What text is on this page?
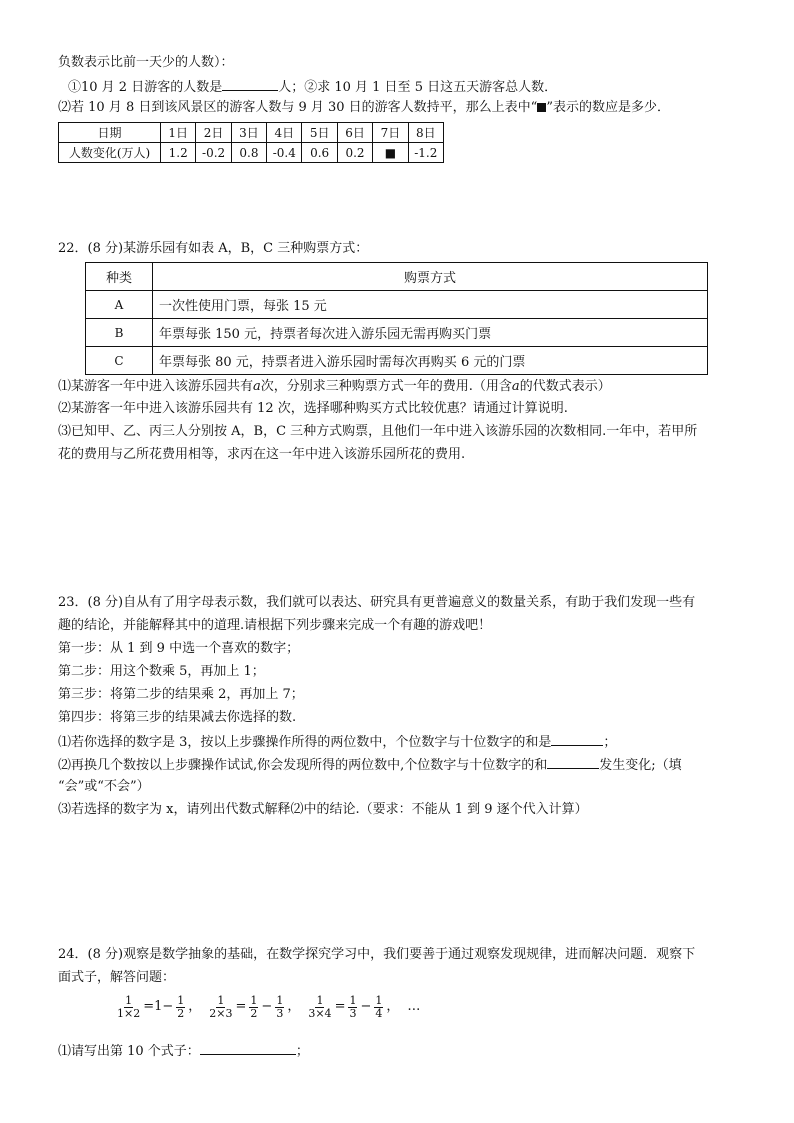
负数表示比前一天少的人数）：
①10 月 2 日游客的人数是	人；②求 10 月 1 日至 5 日这五天游客总人数．
⑵若 10 月 8 日到该风景区的游客人数与 9 月 30 日的游客人数持平，那么上表中“ ”表示的数应是多少．
日期	1日	2日	3日	4日	5日	6日	7日	8日
人数变化(万人)	1.2	-0.2	0.8	-0.4	0.6	0.2	■	-1.2
22．(8 分)某游乐园有如表 A，B，C 三种购票方式：
种类	购票方式
A	一次性使用门票，每张 15 元
B	年票每张 150 元，持票者每次进入游乐园无需再购买门票
C	年票每张 80 元，持票者进入游乐园时需每次再购买 6 元的门票
⑴某游客一年中进入该游乐园共有a次，分别求三种购票方式一年的费用.（用含a的代数式表示）
⑵某游客一年中进入该游乐园共有 12 次，选择哪种购买方式比较优惠？请通过计算说明.
⑶已知甲、乙、丙三人分别按 A，B，C 三种方式购票，且他们一年中进入该游乐园的次数相同.一年中，若甲所
花的费用与乙所花费用相等，求丙在这一年中进入该游乐园所花的费用.
23．(8 分)自从有了用字母表示数，我们就可以表达、研究具有更普遍意义的数量关系，有助于我们发现一些有
趣的结论，并能解释其中的道理.请根据下列步骤来完成一个有趣的游戏吧！
第一步：从 1 到 9 中选一个喜欢的数字；
第二步：用这个数乘 5，再加上 1；
第三步：将第二步的结果乘 2，再加上 7；
第四步：将第三步的结果减去你选择的数.
⑴若你选择的数字是 3，按以上步骤操作所得的两位数中，个位数字与十位数字的和是	；
⑵再换几个数按以上步骤操作试试,你会发现所得的两位数中,个位数字与十位数字的和	发生变化;（填
“会”或“不会”）
⑶若选择的数字为 x，请列出代数式解释⑵中的结论.（要求：不能从 1 到 9 逐个代入计算）
24．(8 分)观察是数学抽象的基础，在数学探究学习中，我们要善于通过观察发现规律，进而解决问题．观察下
面式子，解答问题：
$\frac{1}{1\times 2} =1- \frac{1}{2}$ ， $\frac{1}{2\times 3} = \frac{1}{2} - \frac{1}{3}$ ， $\frac{1}{3\times 4} = \frac{1}{3} - \frac{1}{4}$ ， …
⑴请写出第 10 个式子：	；
